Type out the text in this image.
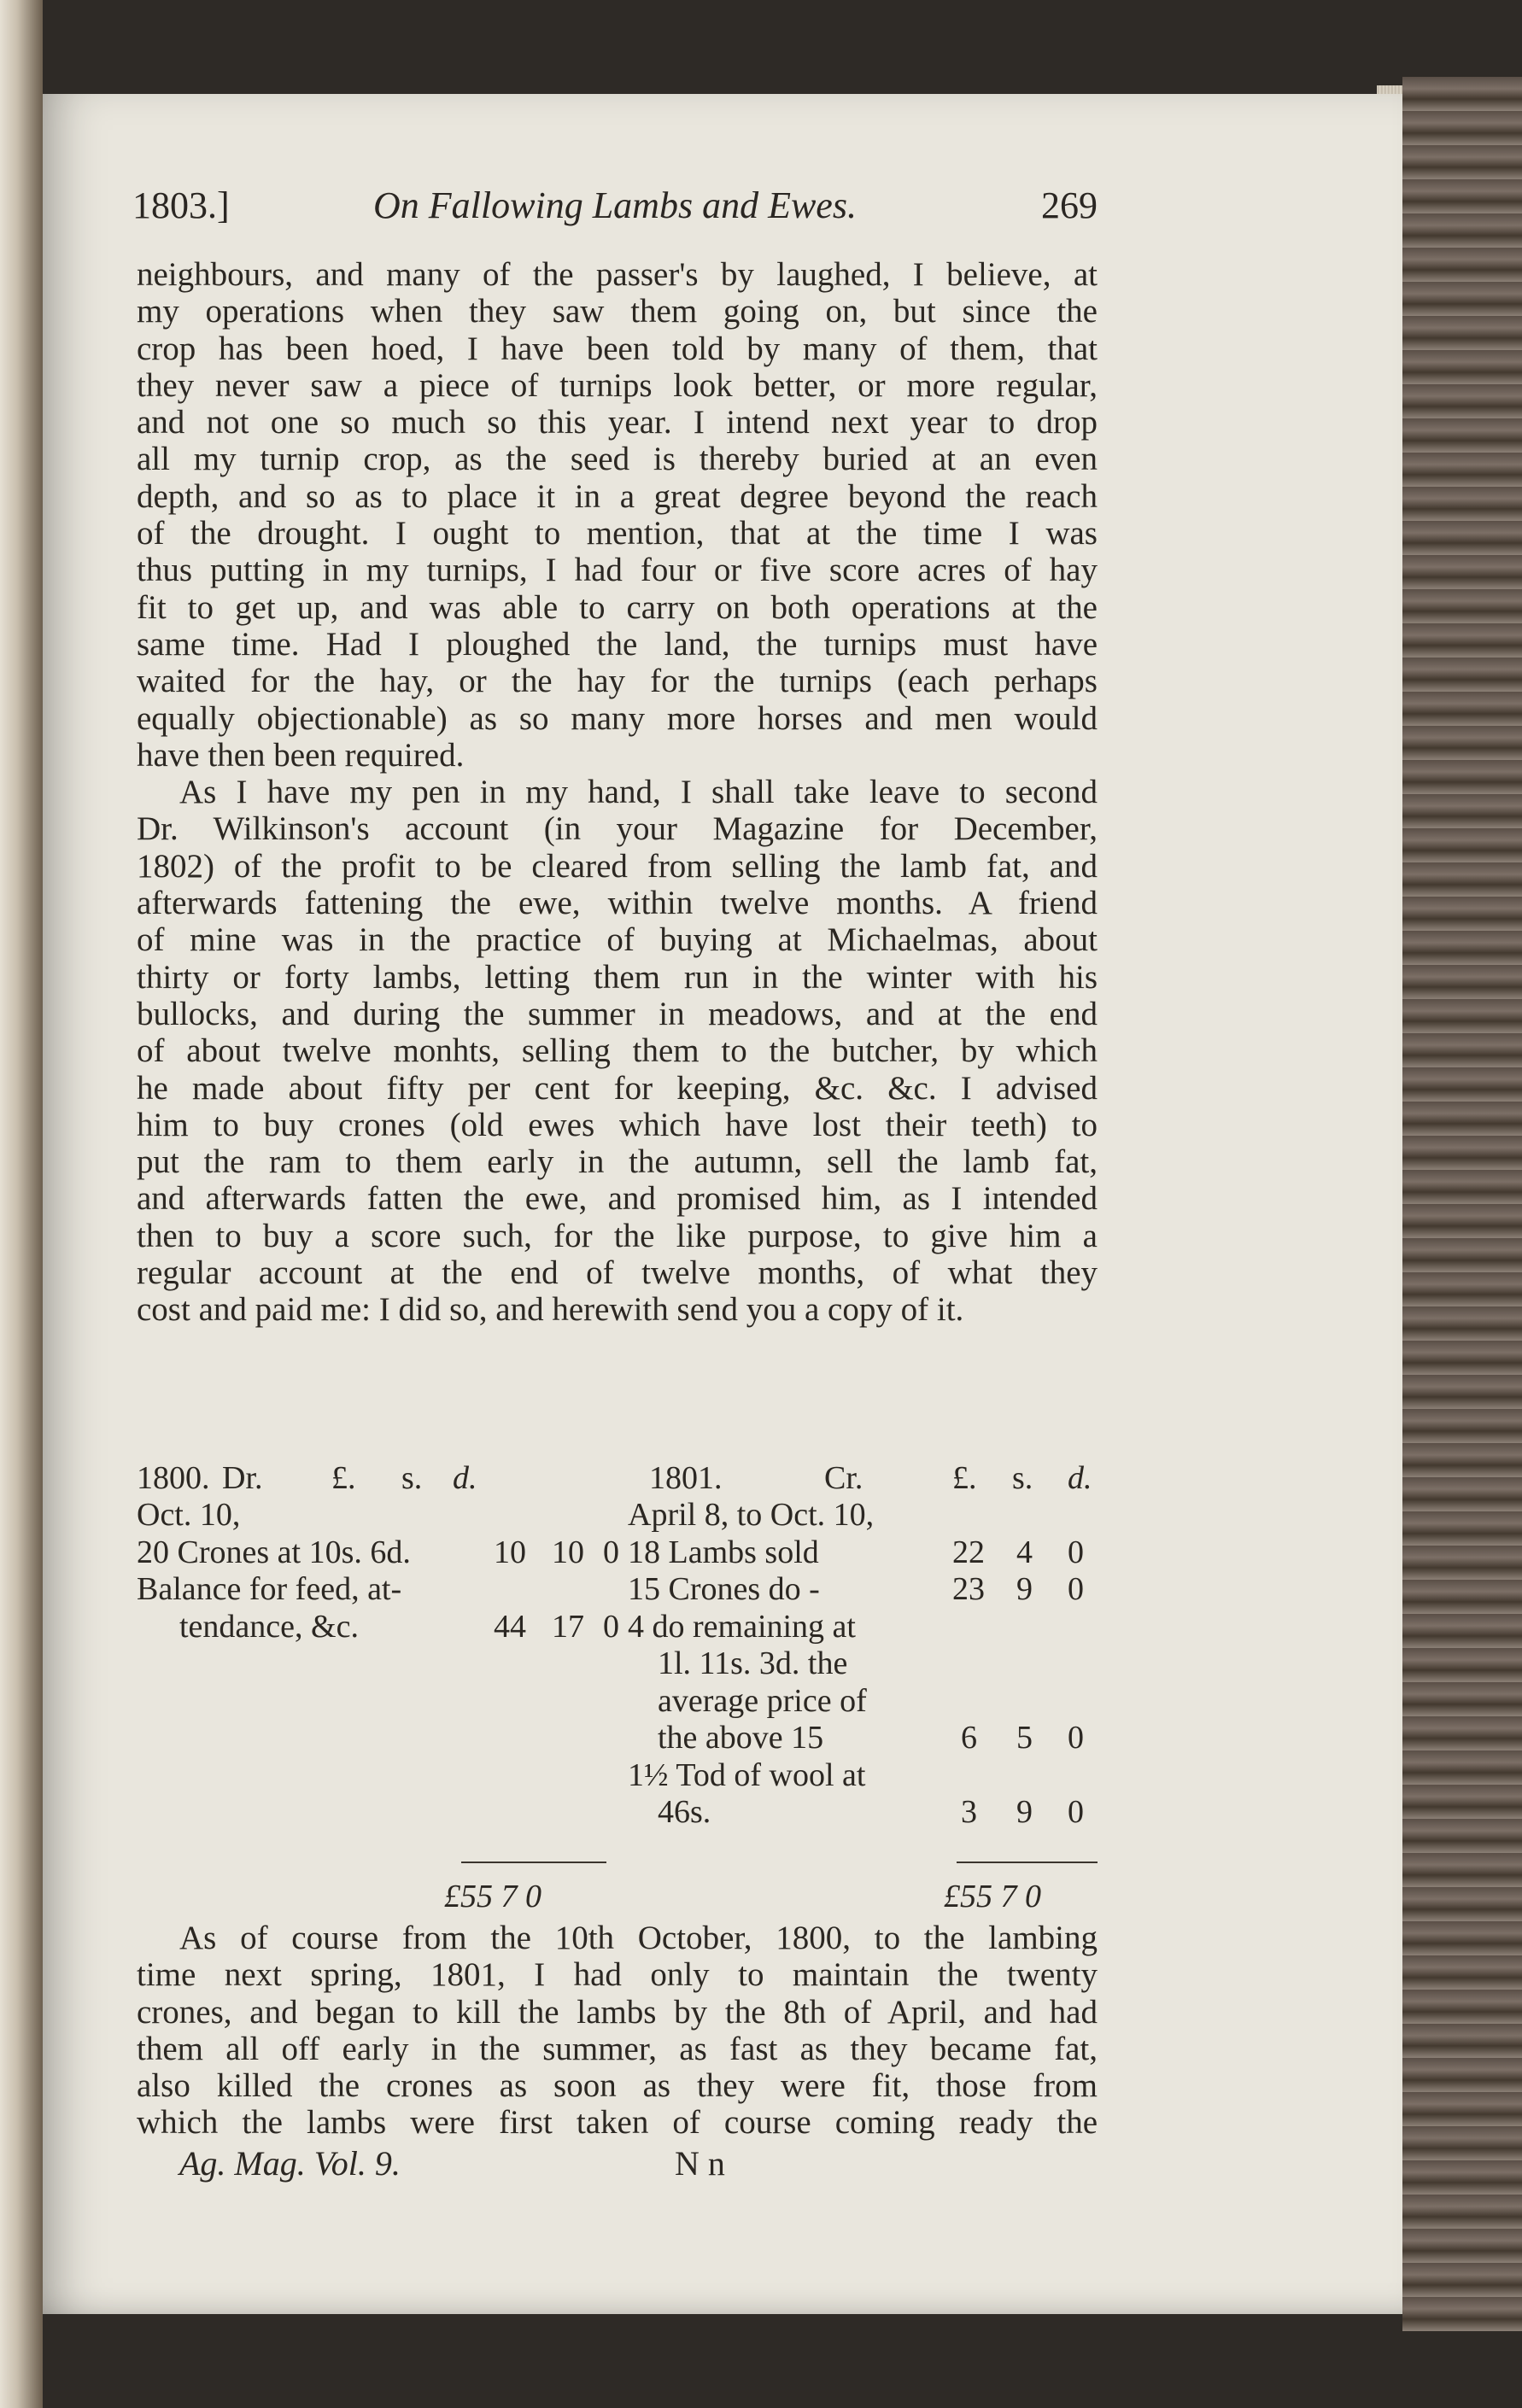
1803.]	On Fallowing Lambs and Ewes.	269

neighbours, and many of the passer's by laughed, I believe, at
my operations when they saw them going on, but since the
crop has been hoed, I have been told by many of them, that
they never saw a piece of turnips look better, or more regular,
and not one so much so this year. I intend next year to drop
all my turnip crop, as the seed is thereby buried at an even
depth, and so as to place it in a great degree beyond the reach
of the drought. I ought to mention, that at the time I was
thus putting in my turnips, I had four or five score acres of hay
fit to get up, and was able to carry on both operations at the
same time. Had I ploughed the land, the turnips must have
waited for the hay, or the hay for the turnips (each perhaps
equally objectionable) as so many more horses and men would
have then been required.

As I have my pen in my hand, I shall take leave to second
Dr. Wilkinson's account (in your Magazine for December,
1802) of the profit to be cleared from selling the lamb fat, and
afterwards fattening the ewe, within twelve months. A friend
of mine was in the practice of buying at Michaelmas, about
thirty or forty lambs, letting them run in the winter with his
bullocks, and during the summer in meadows, and at the end
of about twelve monhts, selling them to the butcher, by which
he made about fifty per cent for keeping, &c. &c. I advised
him to buy crones (old ewes which have lost their teeth) to
put the ram to them early in the autumn, sell the lamb fat,
and afterwards fatten the ewe, and promised him, as I intended
then to buy a score such, for the like purpose, to give him a
regular account at the end of twelve months, of what they
cost and paid me: I did so, and herewith send you a copy of it.

1800. Dr. £. s. d.
Oct. 10,
20 Crones at 10s. 6d.	10 10 0
Balance for feed, at-
tendance, &c.	44 17 0
£55 7 0
1801.	Cr.	£. s. d.
April 8, to Oct. 10,
18 Lambs sold	22 4 0
15 Crones do -	23 9 0
4 do remaining at
1l. 11s. 3d. the
average price of
the above 15	6 5 0
1½ Tod of wool at
46s.	3 9 0
£55 7 0
As of course from the 10th October, 1800, to the lambing
time next spring, 1801, I had only to maintain the twenty
crones, and began to kill the lambs by the 8th of April, and had
them all off early in the summer, as fast as they became fat,
also killed the crones as soon as they were fit, those from
which the lambs were first taken of course coming ready the
Ag. Mag. Vol. 9.	N n
